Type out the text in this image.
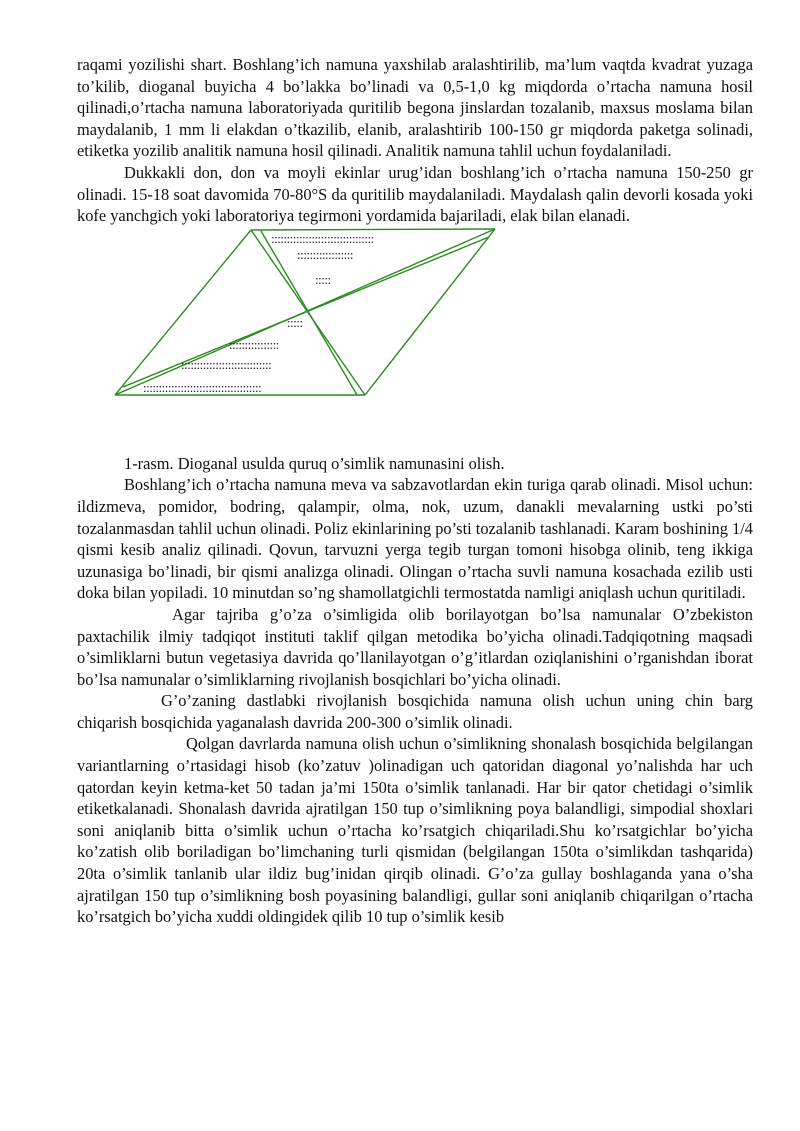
raqami yozilishi shart. Boshlang’ich namuna yaxshilab aralashtirilib, ma’lum vaqtda kvadrat yuzaga to’kilib, dioganal buyicha 4 bo’lakka bo’linadi va 0,5-1,0 kg miqdorda o’rtacha namuna hosil qilinadi,o’rtacha namuna laboratoriyada quritilib begona jinslardan tozalanib, maxsus moslama bilan maydalanib, 1 mm li elakdan o’tkazilib, elanib, aralashtirib 100-150 gr miqdorda paketga solinadi, etiketka yozilib analitik namuna hosil qilinadi. Analitik namuna tahlil uchun foydalaniladi.

Dukkakli don, don va moyli ekinlar urug’idan boshlang’ich o’rtacha namuna 150-250 gr olinadi. 15-18 soat davomida 70-80°S da quritilib maydalaniladi. Maydalash qalin devorli kosada yoki kofe yanchgich yoki laboratoriya tegirmoni yordamida bajariladi, elak bilan elanadi.

:::::::::::::::::::::::::::::::::
::::::::::::::::::
:::::
:::::
::::::::::::::::
:::::::::::::::::::::::::::::
::::::::::::::::::::::::::::::::::::::

1-rasm. Dioganal usulda quruq o’simlik namunasini olish.

Boshlang’ich o’rtacha namuna meva va sabzavotlardan ekin turiga qarab olinadi. Misol uchun: ildizmeva, pomidor, bodring, qalampir, olma, nok, uzum, danakli mevalarning ustki po’sti tozalanmasdan tahlil uchun olinadi. Poliz ekinlarining po’sti tozalanib tashlanadi. Karam boshining 1/4 qismi kesib analiz qilinadi. Qovun, tarvuzni yerga tegib turgan tomoni hisobga olinib, teng ikkiga uzunasiga bo’linadi, bir qismi analizga olinadi. Olingan o’rtacha suvli namuna kosachada ezilib usti doka bilan yopiladi. 10 minutdan so’ng shamollatgichli termostatda namligi aniqlash uchun quritiladi.

Agar tajriba g’o’za o’simligida olib borilayotgan bo’lsa namunalar O’zbekiston paxtachilik ilmiy tadqiqot instituti taklif qilgan metodika bo’yicha olinadi.Tadqiqotning maqsadi o’simliklarni butun vegetasiya davrida qo’llanilayotgan o’g’itlardan oziqlanishini o’rganishdan iborat bo’lsa namunalar o’simliklarning rivojlanish bosqichlari bo’yicha olinadi.

G’o’zaning dastlabki rivojlanish bosqichida namuna olish uchun uning chin barg chiqarish bosqichida yaganalash davrida 200-300 o’simlik olinadi.

Qolgan davrlarda namuna olish uchun o’simlikning shonalash bosqichida belgilangan variantlarning o’rtasidagi hisob (ko’zatuv )olinadigan uch qatoridan diagonal yo’nalishda har uch qatordan keyin ketma-ket 50 tadan ja’mi 150ta o’simlik tanlanadi. Har bir qator chetidagi o’simlik etiketkalanadi. Shonalash davrida ajratilgan 150 tup o’simlikning poya balandligi, simpodial shoxlari soni aniqlanib bitta o’simlik uchun o’rtacha ko’rsatgich chiqariladi.Shu ko’rsatgichlar bo’yicha ko’zatish olib boriladigan bo’limchaning turli qismidan (belgilangan 150ta o’simlikdan tashqarida) 20ta o’simlik tanlanib ular ildiz bug’inidan qirqib olinadi. G’o’za gullay boshlaganda yana o’sha ajratilgan 150 tup o’simlikning bosh poyasining balandligi, gullar soni aniqlanib chiqarilgan o’rtacha ko’rsatgich bo’yicha xuddi oldingidek qilib 10 tup o’simlik kesib
